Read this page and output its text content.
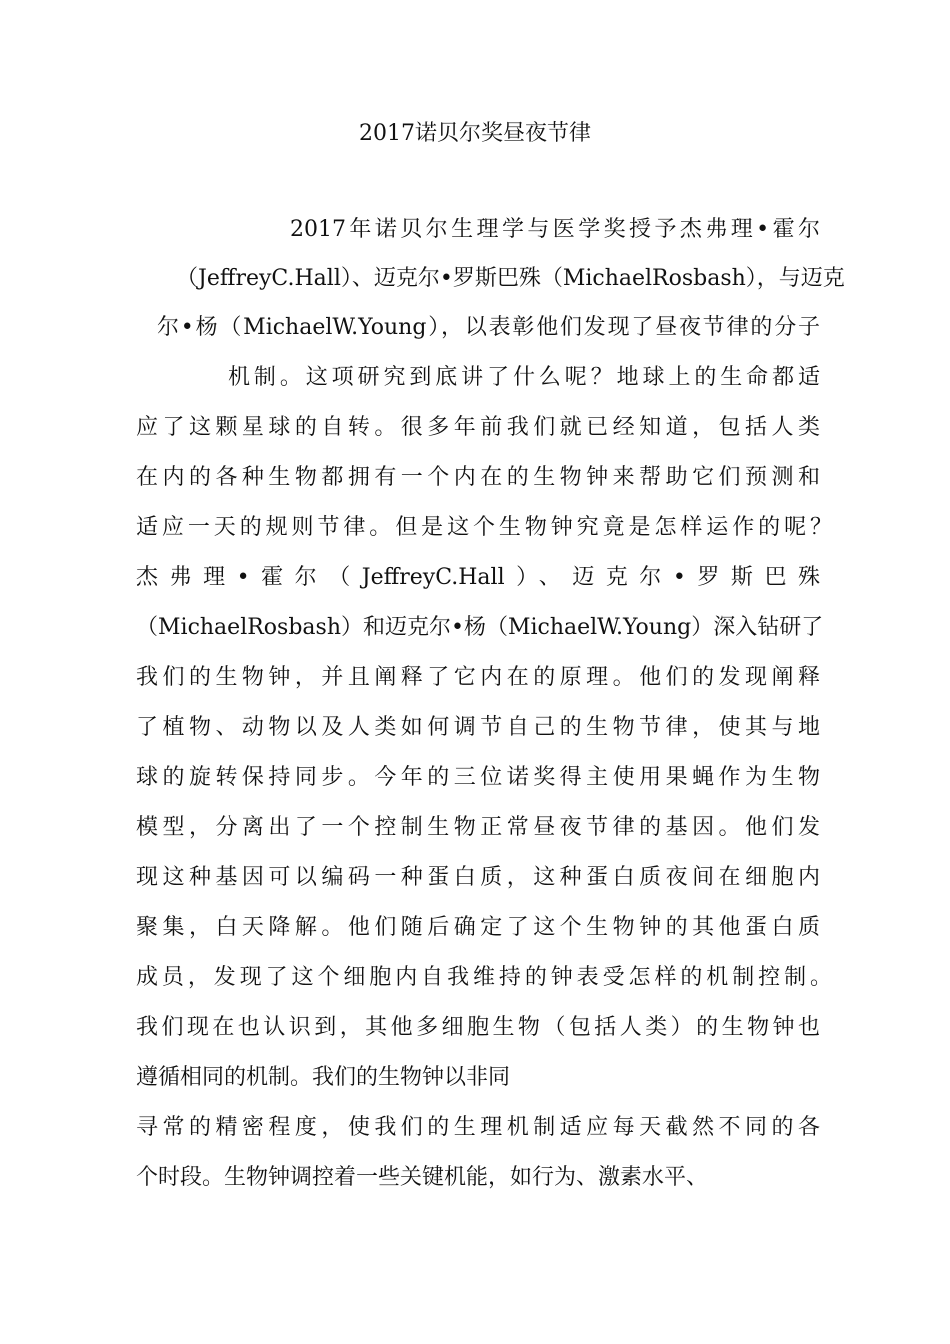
2017诺贝尔奖昼夜节律
2017年诺贝尔生理学与医学奖授予杰弗理•霍尔
（JeffreyC.Hall）、迈克尔•罗斯巴殊（MichaelRosbash），与迈克
尔•杨（MichaelW.Young），以表彰他们发现了昼夜节律的分子
机制。这项研究到底讲了什么呢？地球上的生命都适
应了这颗星球的自转。很多年前我们就已经知道，包括人类
在内的各种生物都拥有一个内在的生物钟来帮助它们预测和
适应一天的规则节律。但是这个生物钟究竟是怎样运作的呢？
杰弗理•霍尔（JeffreyC.Hall）、迈克尔•罗斯巴殊
（MichaelRosbash）和迈克尔•杨（MichaelW.Young）深入钻研了
我们的生物钟，并且阐释了它内在的原理。他们的发现阐释
了植物、动物以及人类如何调节自己的生物节律，使其与地
球的旋转保持同步。今年的三位诺奖得主使用果蝇作为生物
模型，分离出了一个控制生物正常昼夜节律的基因。他们发
现这种基因可以编码一种蛋白质，这种蛋白质夜间在细胞内
聚集，白天降解。他们随后确定了这个生物钟的其他蛋白质
成员，发现了这个细胞内自我维持的钟表受怎样的机制控制。
我们现在也认识到，其他多细胞生物（包括人类）的生物钟也
遵循相同的机制。我们的生物钟以非同
寻常的精密程度，使我们的生理机制适应每天截然不同的各
个时段。生物钟调控着一些关键机能，如行为、激素水平、
